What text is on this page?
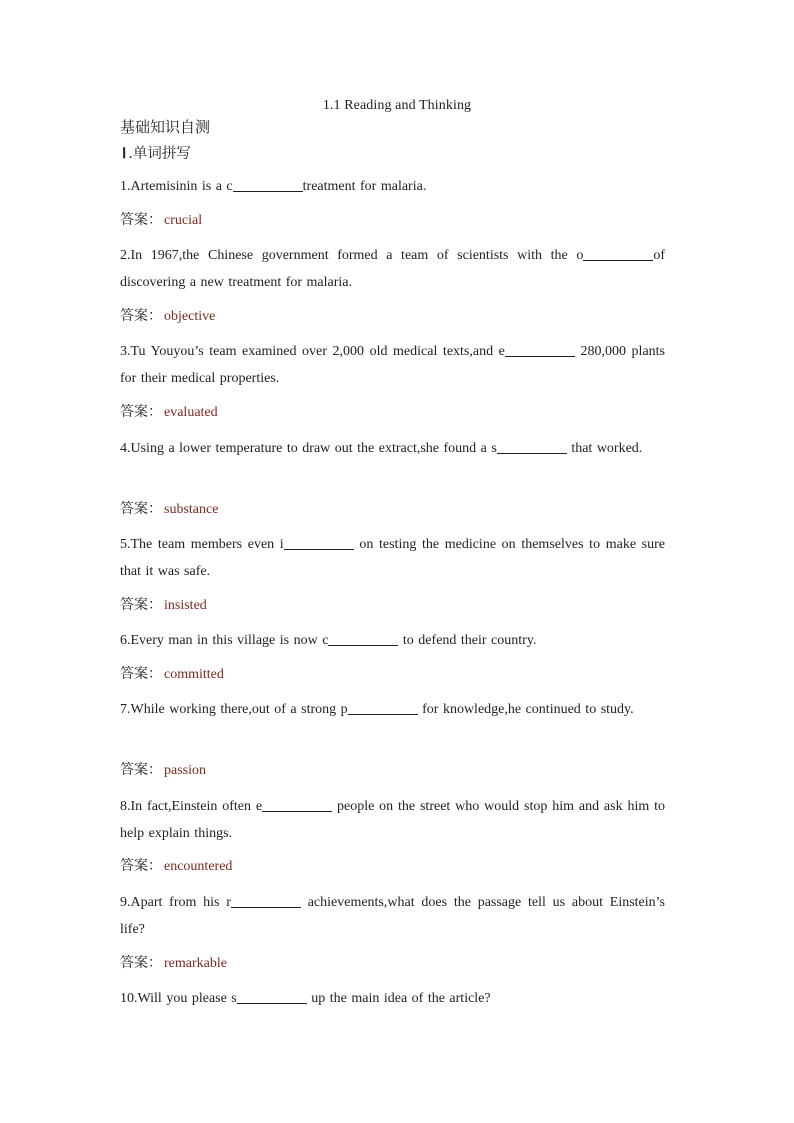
1.1 Reading and Thinking
基础知识自测
Ⅰ .单词拼写
1.Artemisinin is a c	treatment for malaria.
答案： crucial
2.In 1967,the Chinese government formed a team of scientists with the o	of discovering a new treatment for malaria.
答案： objective
3.Tu Youyou’s team examined over 2,000 old medical texts,and e	280,000 plants for their medical properties.
答案： evaluated
4.Using a lower temperature to draw out the extract,she found a s	that worked.
答案： substance
5.The team members even i	on testing the medicine on themselves to make sure that it was safe.
答案： insisted
6.Every man in this village is now c	to defend their country.
答案： committed
7.While working there,out of a strong p	for knowledge,he continued to study.
答案： passion
8.In fact,Einstein often e	people on the street who would stop him and ask him to help explain things.
答案： encountered
9.Apart from his r	achievements,what does the passage tell us about Einstein’s life?
答案： remarkable
10.Will you please s	up the main idea of the article?
